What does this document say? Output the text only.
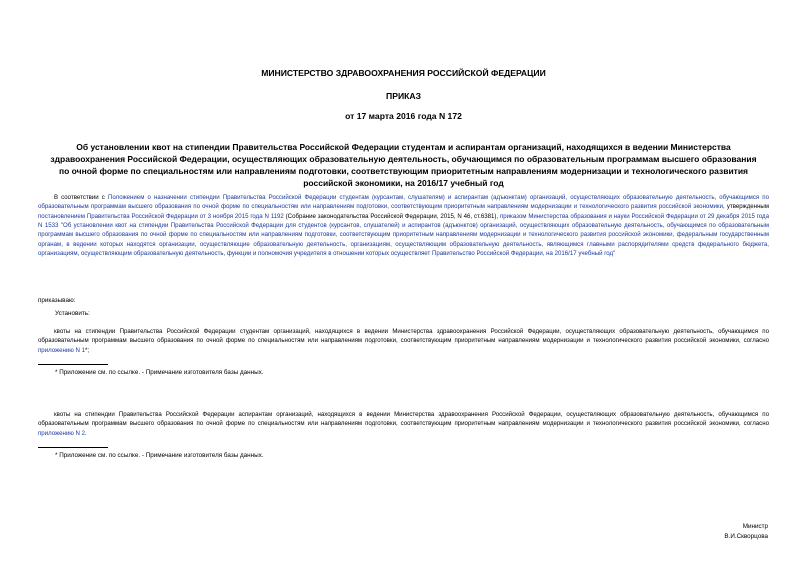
МИНИСТЕРСТВО ЗДРАВООХРАНЕНИЯ РОССИЙСКОЙ ФЕДЕРАЦИИ
ПРИКАЗ
от 17 марта 2016 года N 172
Об установлении квот на стипендии Правительства Российской Федерации студентам и аспирантам организаций, находящихся в ведении Министерства здравоохранения Российской Федерации, осуществляющих образовательную деятельность, обучающимся по образовательным программам высшего образования по очной форме по специальностям или направлениям подготовки, соответствующим приоритетным направлениям модернизации и технологического развития российской экономики, на 2016/17 учебный год
В соответствии с Положением о назначении стипендии Правительства Российской Федерации студентам (курсантам, слушателям) и аспирантам (адъюнктам) организаций, осуществляющих образовательную деятельность, обучающимся по образовательным программам высшего образования по очной форме по специальностям или направлениям подготовки, соответствующим приоритетным направлениям модернизации и технологического развития российской экономики, утвержденным постановлением Правительства Российской Федерации от 3 ноября 2015 года N 1192 (Собрание законодательства Российской Федерации, 2015, N 46, ст.6381), приказом Министерства образования и науки Российской Федерации от 29 декабря 2015 года N 1533 "Об установлении квот на стипендии Правительства Российской Федерации для студентов (курсантов, слушателей) и аспирантов (адъюнктов) организаций, осуществляющих образовательную деятельность, обучающимся по образовательным программам высшего образования по очной форме по специальностям или направлениям подготовки, соответствующим приоритетным направлениям модернизации и технологического развития российской экономики, федеральным государственным органам, в ведении которых находятся организации, осуществляющие образовательную деятельность, организациям, осуществляющим образовательную деятельность, являющимся главными распорядителями средств федерального бюджета, организациям, осуществляющим образовательную деятельность, функции и полномочия учредителя в отношении которых осуществляет Правительство Российской Федерации, на 2016/17 учебный год"
приказываю:
Установить:
квоты на стипендии Правительства Российской Федерации студентам организаций, находящихся в ведении Министерства здравоохранения Российской Федерации, осуществляющих образовательную деятельность, обучающимся по образовательным программам высшего образования по очной форме по специальностям или направлениям подготовки, соответствующим приоритетным направлениям модернизации и технологического развития российской экономики, согласно приложению N 1*;
* Приложение см. по ссылке. - Примечание изготовителя базы данных.
квоты на стипендии Правительства Российской Федерации аспирантам организаций, находящихся в ведении Министерства здравоохранения Российской Федерации, осуществляющих образовательную деятельность, обучающимся по образовательным программам высшего образования по очной форме по специальностям или направлениям подготовки, соответствующим приоритетным направлениям модернизации и технологического развития российской экономики, согласно приложению N 2.
* Приложение см. по ссылке. - Примечание изготовителя базы данных.
Министр
В.И.Скворцова
